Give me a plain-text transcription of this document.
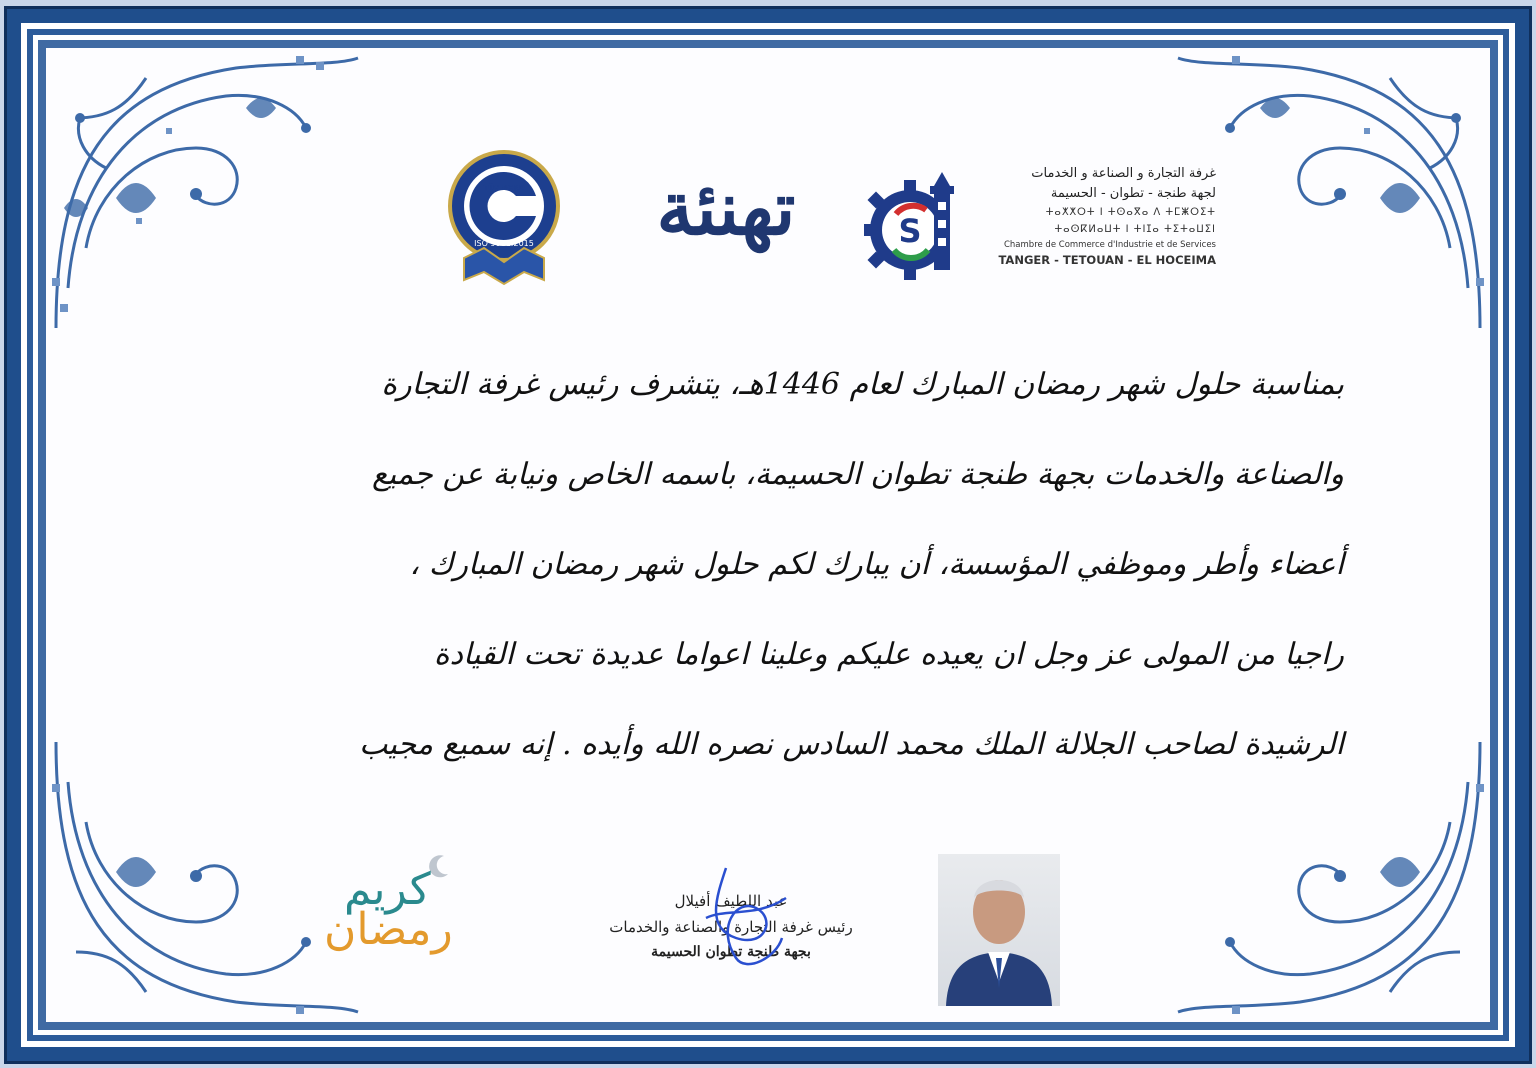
TÜV NORD
ISO 9001:2015	تهنئة	S
غرفة التجارة و الصناعة و الخدمات
لجهة طنجة - تطوان - الحسيمة
ⵜⴰⵅⵅⵔⵜ ⵏ ⵜⵙⴰⴳⴰ ⴷ ⵜⵎⵥⵔⵉⵜ
ⵜⴰⵙⴽⵍⴰⵡⵜ ⵏ ⵜⵏⵊⴰ ⵜⵉⵜⴰⵡⵉⵏ
Chambre de Commerce d'Industrie et de Services
TANGER - TETOUAN - EL HOCEIMA

بمناسبة حلول شهر رمضان المبارك لعام 1446هـ، يتشرف رئيس غرفة التجارة

والصناعة والخدمات بجهة طنجة تطوان الحسيمة، باسمه الخاص ونيابة عن جميع

أعضاء وأطر وموظفي المؤسسة، أن يبارك لكم حلول شهر رمضان المبارك ،

راجيا من المولى عز وجل ان يعيده عليكم وعلينا اعواما عديدة تحت القيادة

الرشيدة لصاحب الجلالة الملك محمد السادس نصره الله وأيده . إنه سميع مجيب

كريم
رمضان
عبد اللطيف أفيلال
رئيس غرفة التجارة والصناعة والخدمات
بجهة طنجة تطوان الحسيمة
